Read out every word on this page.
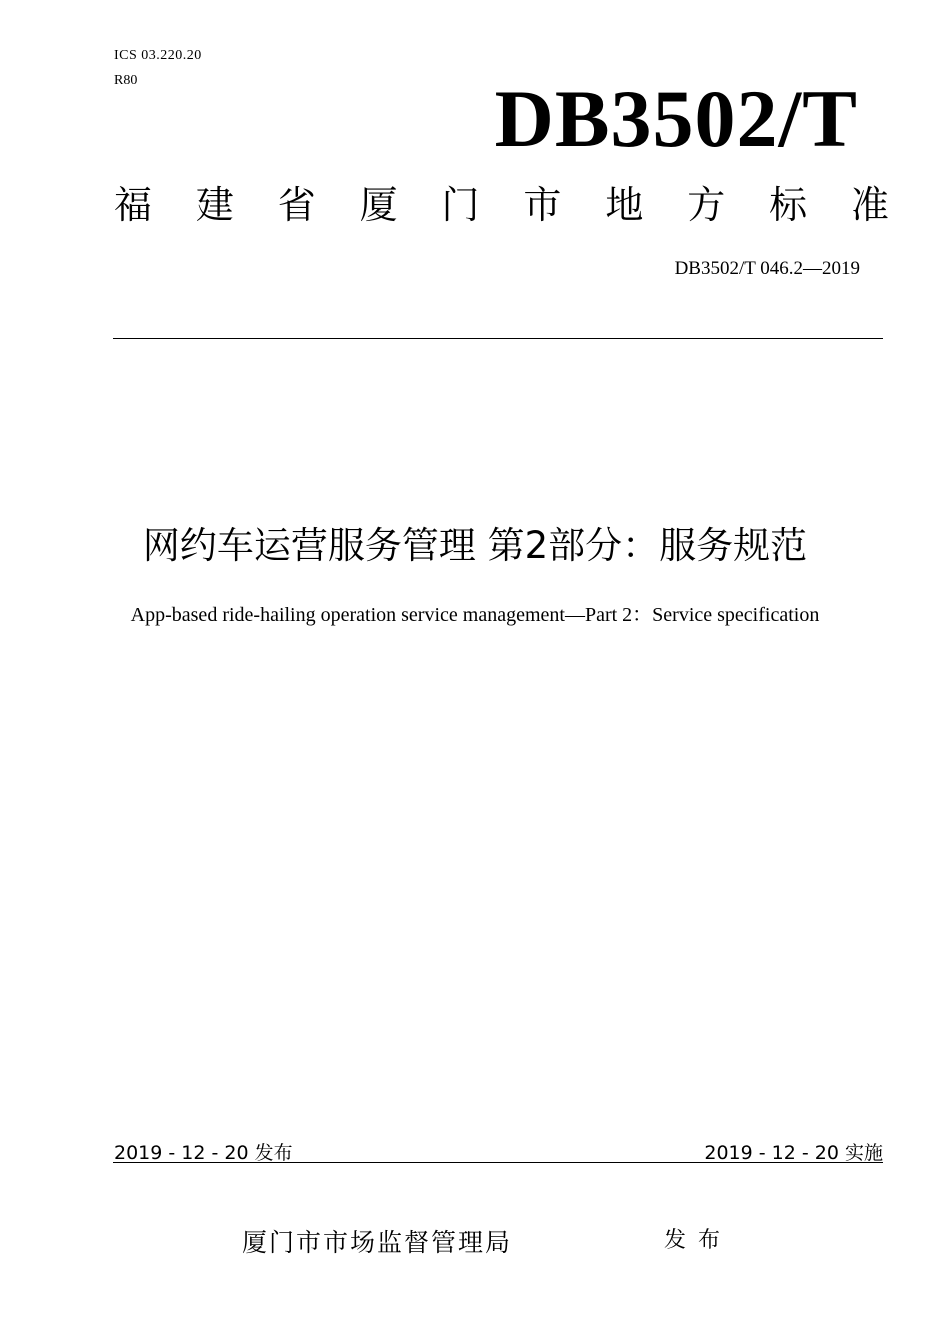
ICS 03.220.20
R80	DB3502/T
福建省厦门市地方标准
DB3502/T 046.2—2019
网约车运营服务管理 第2部分：服务规范
App-based ride-hailing operation service management—Part 2：Service specification
2019 - 12 - 20 发布	2019 - 12 - 20 实施
厦门市市场监督管理局	发布
